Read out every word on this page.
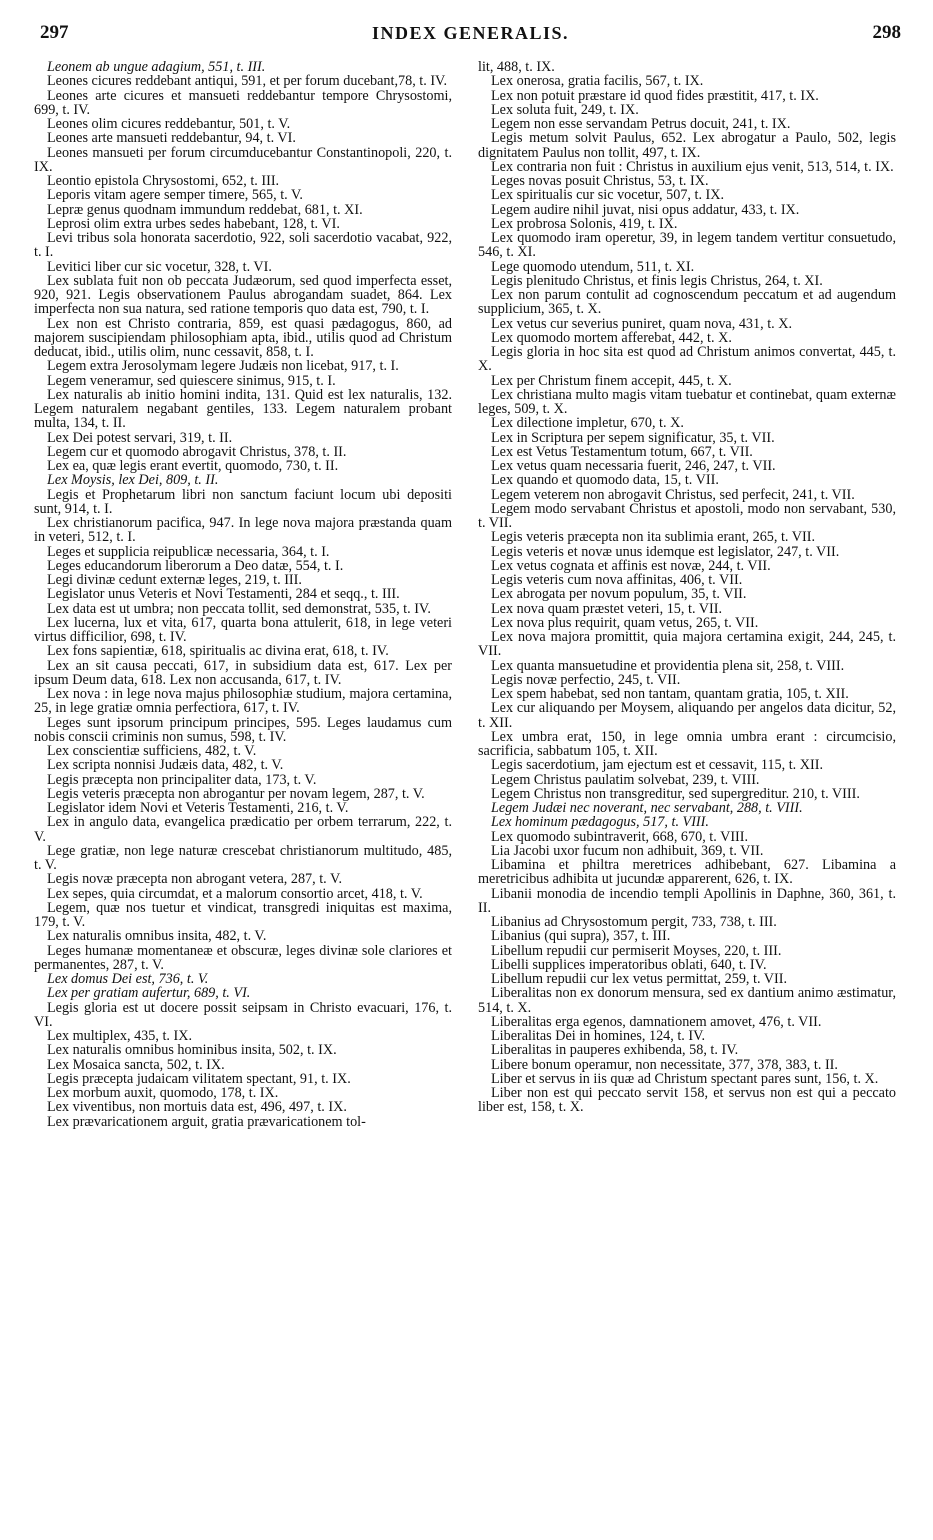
297	INDEX GENERALIS.	298

Leonem ab ungue adagium, 551, t. III.

Leones cicures reddebant antiqui, 591, et per forum ducebant,78, t. IV.

Leones arte cicures et mansueti reddebantur tempore Chrysostomi, 699, t. IV.

Leones olim cicures reddebantur, 501, t. V.

Leones arte mansueti reddebantur, 94, t. VI.

Leones mansueti per forum circumducebantur Constantinopoli, 220, t. IX.

Leontio epistola Chrysostomi, 652, t. III.

Leporis vitam agere semper timere, 565, t. V.

Lepræ genus quodnam immundum reddebat, 681, t. XI.

Leprosi olim extra urbes sedes habebant, 128, t. VI.

Levi tribus sola honorata sacerdotio, 922, soli sacerdotio vacabat, 922, t. I.

Levitici liber cur sic vocetur, 328, t. VI.

Lex sublata fuit non ob peccata Judæorum, sed quod imperfecta esset, 920, 921. Legis observationem Paulus abrogandam suadet, 864. Lex imperfecta non sua natura, sed ratione temporis quo data est, 790, t. I.

Lex non est Christo contraria, 859, est quasi pædagogus, 860, ad majorem suscipiendam philosophiam apta, ibid., utilis quod ad Christum deducat, ibid., utilis olim, nunc cessavit, 858, t. I.

Legem extra Jerosolymam legere Judæis non licebat, 917, t. I.

Legem veneramur, sed quiescere sinimus, 915, t. I.

Lex naturalis ab initio homini indita, 131. Quid est lex naturalis, 132. Legem naturalem negabant gentiles, 133. Legem naturalem probant multa, 134, t. II.

Lex Dei potest servari, 319, t. II.

Legem cur et quomodo abrogavit Christus, 378, t. II.

Lex ea, quæ legis erant evertit, quomodo, 730, t. II.

Lex Moysis, lex Dei, 809, t. II.

Legis et Prophetarum libri non sanctum faciunt locum ubi depositi sunt, 914, t. I.

Lex christianorum pacifica, 947. In lege nova majora præstanda quam in veteri, 512, t. I.

Leges et supplicia reipublicæ necessaria, 364, t. I.

Leges educandorum liberorum a Deo datæ, 554, t. I.

Legi divinæ cedunt externæ leges, 219, t. III.

Legislator unus Veteris et Novi Testamenti, 284 et seqq., t. III.

Lex data est ut umbra; non peccata tollit, sed demonstrat, 535, t. IV.

Lex lucerna, lux et vita, 617, quarta bona attulerit, 618, in lege veteri virtus difficilior, 698, t. IV.

Lex fons sapientiæ, 618, spiritualis ac divina erat, 618, t. IV.

Lex an sit causa peccati, 617, in subsidium data est, 617. Lex per ipsum Deum data, 618. Lex non accusanda, 617, t. IV.

Lex nova : in lege nova majus philosophiæ studium, majora certamina, 25, in lege gratiæ omnia perfectiora, 617, t. IV.

Leges sunt ipsorum principum principes, 595. Leges laudamus cum nobis conscii criminis non sumus, 598, t. IV.

Lex conscientiæ sufficiens, 482, t. V.

Lex scripta nonnisi Judæis data, 482, t. V.

Legis præcepta non principaliter data, 173, t. V.

Legis veteris præcepta non abrogantur per novam legem, 287, t. V.

Legislator idem Novi et Veteris Testamenti, 216, t. V.

Lex in angulo data, evangelica prædicatio per orbem terrarum, 222, t. V.

Lege gratiæ, non lege naturæ crescebat christianorum multitudo, 485, t. V.

Legis novæ præcepta non abrogant vetera, 287, t. V.

Lex sepes, quia circumdat, et a malorum consortio arcet, 418, t. V.

Legem, quæ nos tuetur et vindicat, transgredi iniquitas est maxima, 179, t. V.

Lex naturalis omnibus insita, 482, t. V.

Leges humanæ momentaneæ et obscuræ, leges divinæ sole clariores et permanentes, 287, t. V.

Lex domus Dei est, 736, t. V.

Lex per gratiam aufertur, 689, t. VI.

Legis gloria est ut docere possit seipsam in Christo evacuari, 176, t. VI.

Lex multiplex, 435, t. IX.

Lex naturalis omnibus hominibus insita, 502, t. IX.

Lex Mosaica sancta, 502, t. IX.

Legis præcepta judaicam vilitatem spectant, 91, t. IX.

Lex morbum auxit, quomodo, 178, t. IX.

Lex viventibus, non mortuis data est, 496, 497, t. IX.

Lex prævaricationem arguit, gratia prævaricationem tol-

lit, 488, t. IX.

Lex onerosa, gratia facilis, 567, t. IX.

Lex non potuit præstare id quod fides præstitit, 417, t. IX.

Lex soluta fuit, 249, t. IX.

Legem non esse servandam Petrus docuit, 241, t. IX.

Legis metum solvit Paulus, 652. Lex abrogatur a Paulo, 502, legis dignitatem Paulus non tollit, 497, t. IX.

Lex contraria non fuit : Christus in auxilium ejus venit, 513, 514, t. IX.

Leges novas posuit Christus, 53, t. IX.

Lex spiritualis cur sic vocetur, 507, t. IX.

Legem audire nihil juvat, nisi opus addatur, 433, t. IX.

Lex probrosa Solonis, 419, t. IX.

Lex quomodo iram operetur, 39, in legem tandem vertitur consuetudo, 546, t. XI.

Lege quomodo utendum, 511, t. XI.

Legis plenitudo Christus, et finis legis Christus, 264, t. XI.

Lex non parum contulit ad cognoscendum peccatum et ad augendum supplicium, 365, t. X.

Lex vetus cur severius puniret, quam nova, 431, t. X.

Lex quomodo mortem afferebat, 442, t. X.

Legis gloria in hoc sita est quod ad Christum animos convertat, 445, t. X.

Lex per Christum finem accepit, 445, t. X.

Lex christiana multo magis vitam tuebatur et continebat, quam externæ leges, 509, t. X.

Lex dilectione impletur, 670, t. X.

Lex in Scriptura per sepem significatur, 35, t. VII.

Lex est Vetus Testamentum totum, 667, t. VII.

Lex vetus quam necessaria fuerit, 246, 247, t. VII.

Lex quando et quomodo data, 15, t. VII.

Legem veterem non abrogavit Christus, sed perfecit, 241, t. VII.

Legem modo servabant Christus et apostoli, modo non servabant, 530, t. VII.

Legis veteris præcepta non ita sublimia erant, 265, t. VII.

Legis veteris et novæ unus idemque est legislator, 247, t. VII.

Lex vetus cognata et affinis est novæ, 244, t. VII.

Legis veteris cum nova affinitas, 406, t. VII.

Lex abrogata per novum populum, 35, t. VII.

Lex nova quam præstet veteri, 15, t. VII.

Lex nova plus requirit, quam vetus, 265, t. VII.

Lex nova majora promittit, quia majora certamina exigit, 244, 245, t. VII.

Lex quanta mansuetudine et providentia plena sit, 258, t. VIII.

Legis novæ perfectio, 245, t. VII.

Lex spem habebat, sed non tantam, quantam gratia, 105, t. XII.

Lex cur aliquando per Moysem, aliquando per angelos data dicitur, 52, t. XII.

Lex umbra erat, 150, in lege omnia umbra erant : circumcisio, sacrificia, sabbatum 105, t. XII.

Legis sacerdotium, jam ejectum est et cessavit, 115, t. XII.

Legem Christus paulatim solvebat, 239, t. VIII.

Legem Christus non transgreditur, sed supergreditur. 210, t. VIII.

Legem Judæi nec noverant, nec servabant, 288, t. VIII.

Lex hominum pædagogus, 517, t. VIII.

Lex quomodo subintraverit, 668, 670, t. VIII.

Lia Jacobi uxor fucum non adhibuit, 369, t. VII.

Libamina et philtra meretrices adhibebant, 627. Libamina a meretricibus adhibita ut jucundæ apparerent, 626, t. IX.

Libanii monodia de incendio templi Apollinis in Daphne, 360, 361, t. II.

Libanius ad Chrysostomum pergit, 733, 738, t. III.

Libanius (qui supra), 357, t. III.

Libellum repudii cur permiserit Moyses, 220, t. III.

Libelli supplices imperatoribus oblati, 640, t. IV.

Libellum repudii cur lex vetus permittat, 259, t. VII.

Liberalitas non ex donorum mensura, sed ex dantium animo æstimatur, 514, t. X.

Liberalitas erga egenos, damnationem amovet, 476, t. VII.

Liberalitas Dei in homines, 124, t. IV.

Liberalitas in pauperes exhibenda, 58, t. IV.

Libere bonum operamur, non necessitate, 377, 378, 383, t. II.

Liber et servus in iis quæ ad Christum spectant pares sunt, 156, t. X.

Liber non est qui peccato servit 158, et servus non est qui a peccato liber est, 158, t. X.
